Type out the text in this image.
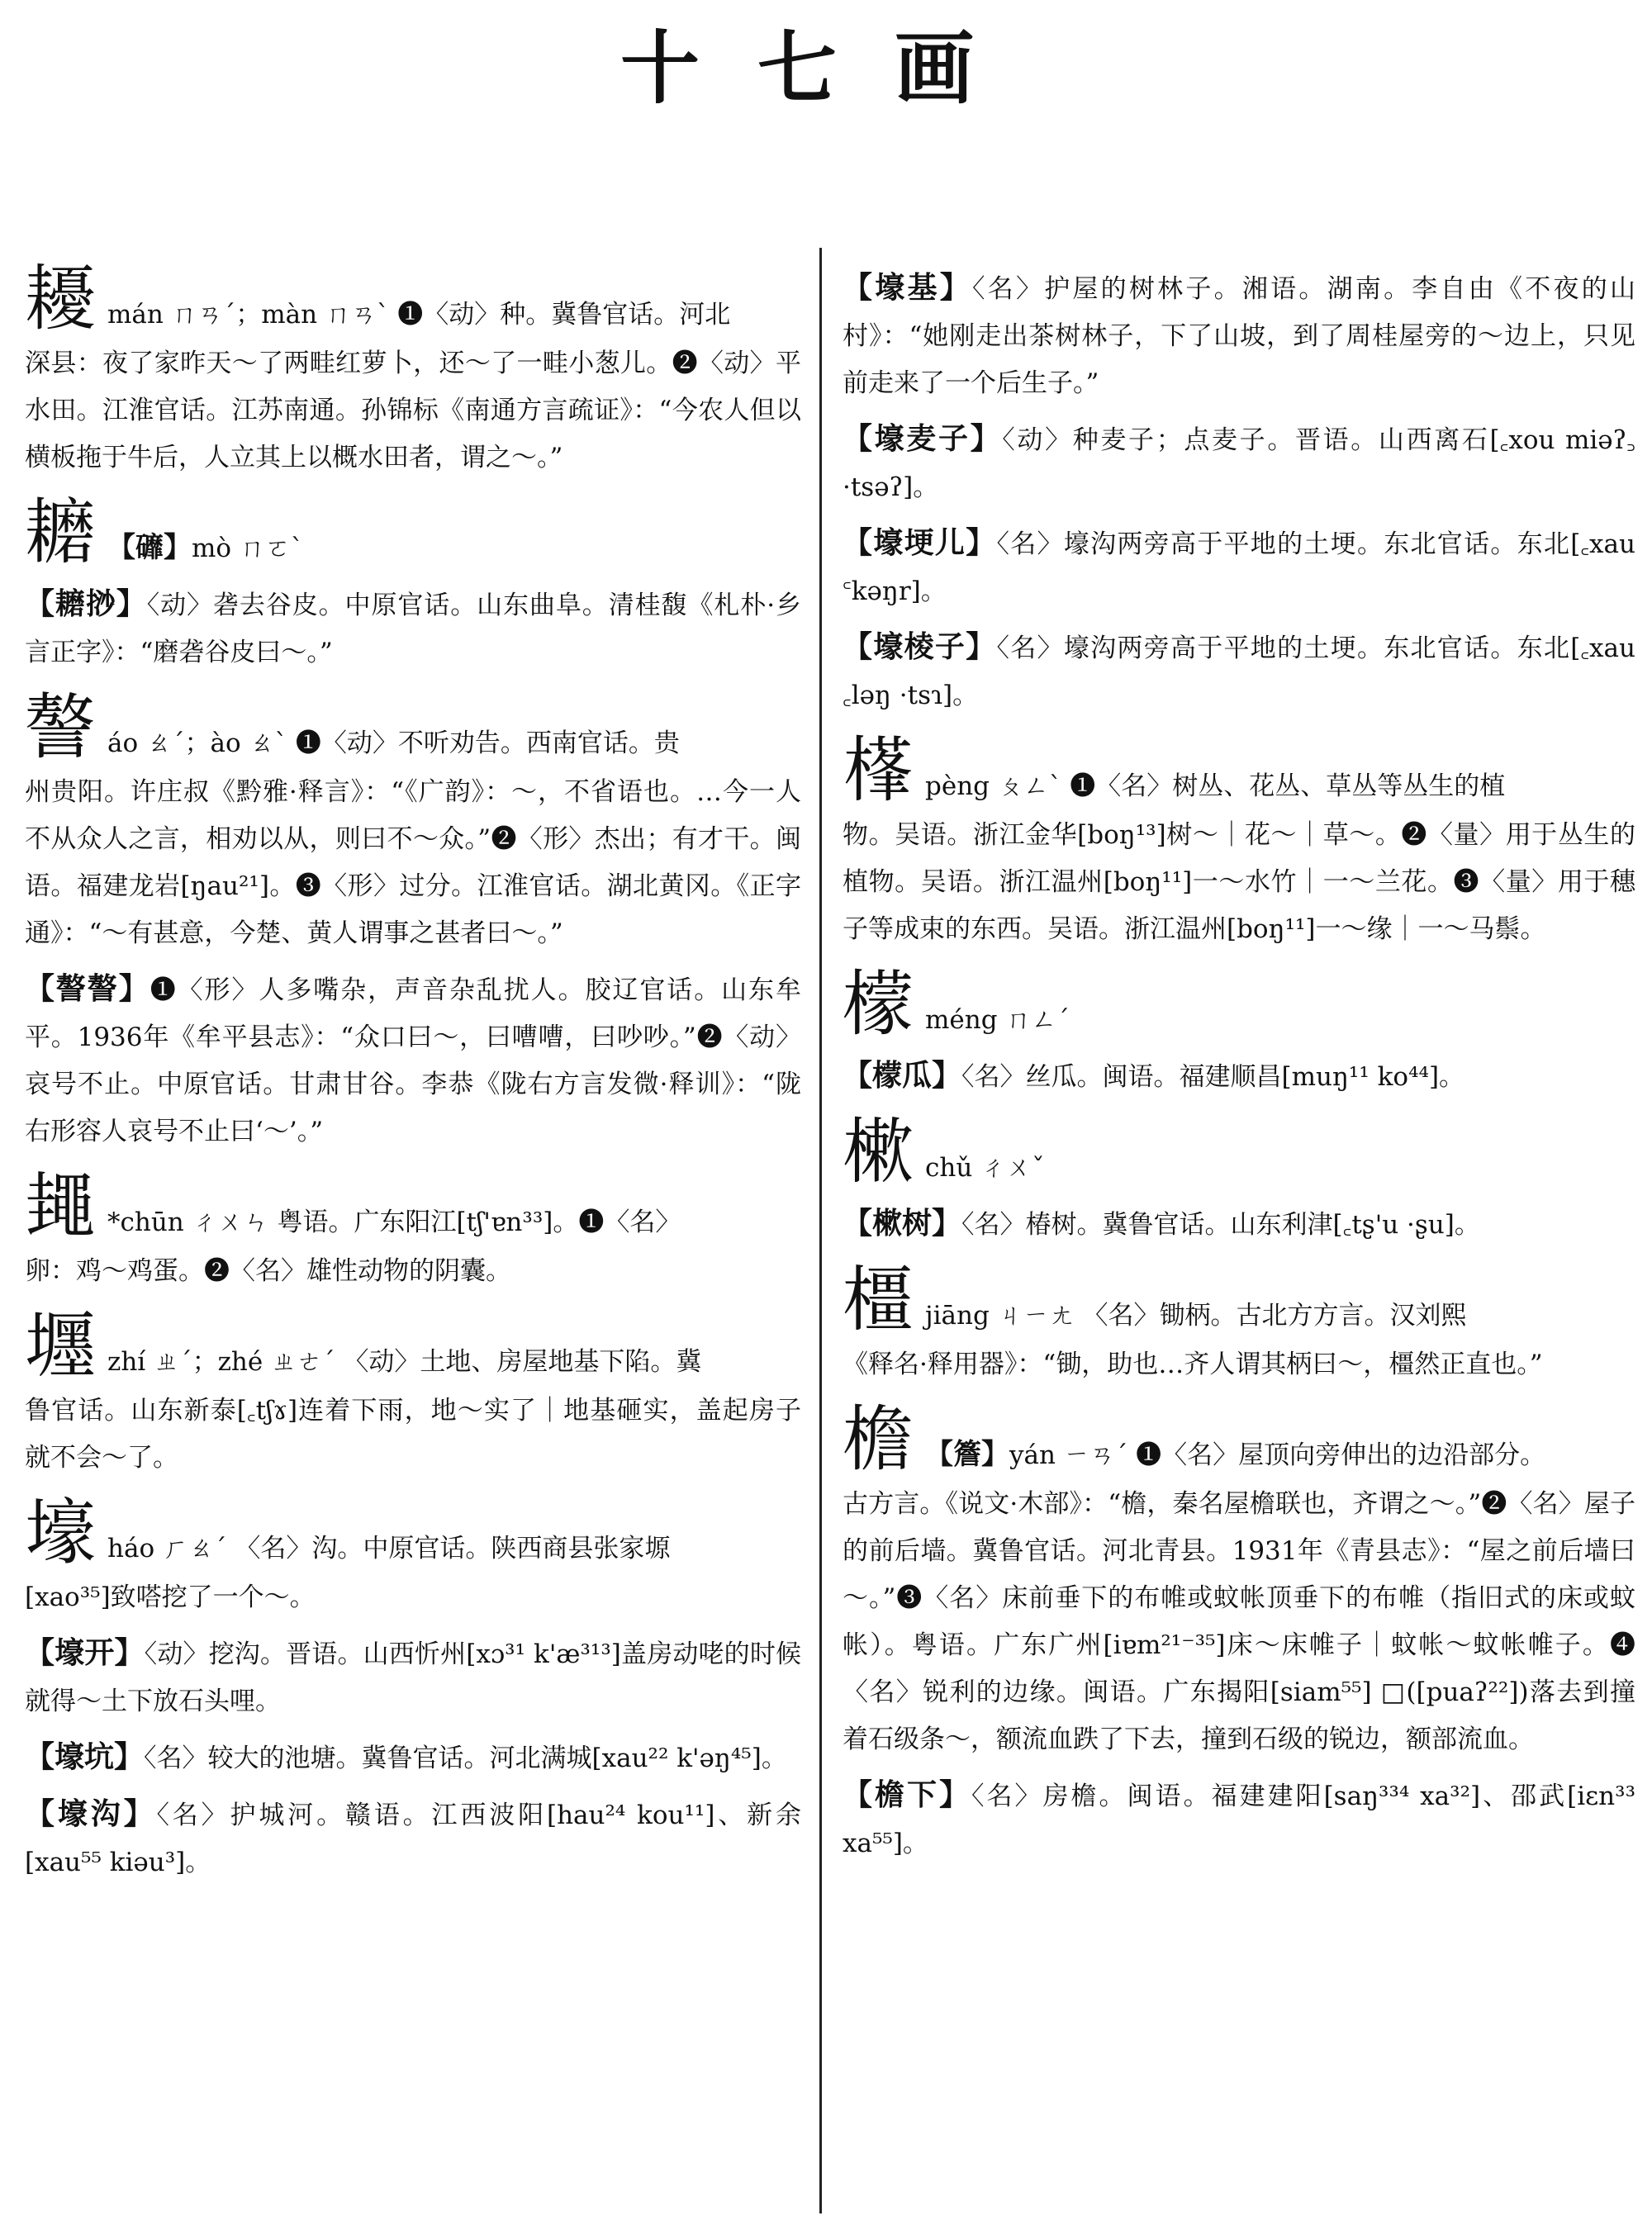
十七画
耰 mán ㄇㄢˊ；màn ㄇㄢˋ ❶〈动〉种。冀鲁官话。河北
深县：夜了家昨天～了两畦红萝卜，还～了一畦小葱儿。❷〈动〉平水田。江淮官话。江苏南通。孙锦标《南通方言疏证》：“今农人但以横板拖于牛后，人立其上以概水田者，谓之～。”
耱 【䃺】 mò ㄇㄛˋ
【耱挱】〈动〉砻去谷皮。中原官话。山东曲阜。清桂馥《札朴·乡言正字》：“磨砻谷皮曰～。”
謷 áo ㄠˊ；ào ㄠˋ ❶〈动〉不听劝告。西南官话。贵
州贵阳。许庄叔《黔雅·释言》：“《广韵》：～，不省语也。…今一人不从众人之言，相劝以从，则曰不～众。”❷〈形〉杰出；有才干。闽语。福建龙岩[ŋau²¹]。❸〈形〉过分。江淮官话。湖北黄冈。《正字通》：“～有甚意，今楚、黄人谓事之甚者曰～。”
【謷謷】❶〈形〉人多嘴杂，声音杂乱扰人。胶辽官话。山东牟平。1936年《牟平县志》：“众口曰～，曰嘈嘈，曰吵吵。”❷〈动〉哀号不止。中原官话。甘肃甘谷。李恭《陇右方言发微·释训》：“陇右形容人哀号不止曰‘～’。”
䵷 *chūn ㄔㄨㄣ 粤语。广东阳江[tʃ'ɐn³³]。❶〈名〉
卵：鸡～鸡蛋。❷〈名〉雄性动物的阴囊。
壥 zhí ㄓˊ；zhé ㄓㄜˊ 〈动〉土地、房屋地基下陷。冀
鲁官话。山东新泰[꜀tʃɤ]连着下雨，地～实了｜地基砸实，盖起房子就不会～了。
壕 háo ㄏㄠˊ 〈名〉沟。中原官话。陕西商县张家塬
[xao³⁵]致嗒挖了一个～。
【壕开】〈动〉挖沟。晋语。山西忻州[xɔ³¹ k'æ³¹³]盖房动咾的时候就得～土下放石头哩。
【壕坑】〈名〉较大的池塘。冀鲁官话。河北满城[xau²² k'əŋ⁴⁵]。
【壕沟】〈名〉护城河。赣语。江西波阳[hau²⁴ kou¹¹]、新余[xau⁵⁵ kiəu³]。
【壕基】〈名〉护屋的树林子。湘语。湖南。李自由《不夜的山村》：“她刚走出茶树林子，下了山坡，到了周桂屋旁的～边上，只见前走来了一个后生子。”
【壕麦子】〈动〉种麦子；点麦子。晋语。山西离石[꜀xou miəʔ꜆ ·tsəʔ]。
【壕埂儿】〈名〉壕沟两旁高于平地的土埂。东北官话。东北[꜀xau ꜂kəŋr]。
【壕棱子】〈名〉壕沟两旁高于平地的土埂。东北官话。东北[꜀xau ꜀ləŋ ·tsɿ]。
樥 pèng ㄆㄥˋ ❶〈名〉树丛、花丛、草丛等丛生的植
物。吴语。浙江金华[boŋ¹³]树～｜花～｜草～。❷〈量〉用于丛生的植物。吴语。浙江温州[boŋ¹¹]一～水竹｜一～兰花。❸〈量〉用于穗子等成束的东西。吴语。浙江温州[boŋ¹¹]一～缘｜一～马鬃。
檬 méng ㄇㄥˊ
【檬瓜】〈名〉丝瓜。闽语。福建顺昌[muŋ¹¹ ko⁴⁴]。
樕 chǔ ㄔㄨˇ
【樕树】〈名〉椿树。冀鲁官话。山东利津[꜀tʂ'u ·ʂu]。
橿 jiāng ㄐㄧㄤ 〈名〉锄柄。古北方方言。汉刘熙
《释名·释用器》：“锄，助也…齐人谓其柄曰～，橿然正直也。”
檐 【簷】 yán ㄧㄢˊ ❶〈名〉屋顶向旁伸出的边沿部分。
古方言。《说文·木部》：“檐，秦名屋檐联也，齐谓之～。”❷〈名〉屋子的前后墙。冀鲁官话。河北青县。1931年《青县志》：“屋之前后墙曰～。”❸〈名〉床前垂下的布帷或蚊帐顶垂下的布帷（指旧式的床或蚊帐）。粤语。广东广州[iɐm²¹⁻³⁵]床～床帷子｜蚊帐～蚊帐帷子。❹〈名〉锐利的边缘。闽语。广东揭阳[siam⁵⁵] □([puaʔ²²])落去到撞着石级条～，额流血跌了下去，撞到石级的锐边，额部流血。
【檐下】〈名〉房檐。闽语。福建建阳[saŋ³³⁴ xa³²]、邵武[iɛn³³ xa⁵⁵]。
